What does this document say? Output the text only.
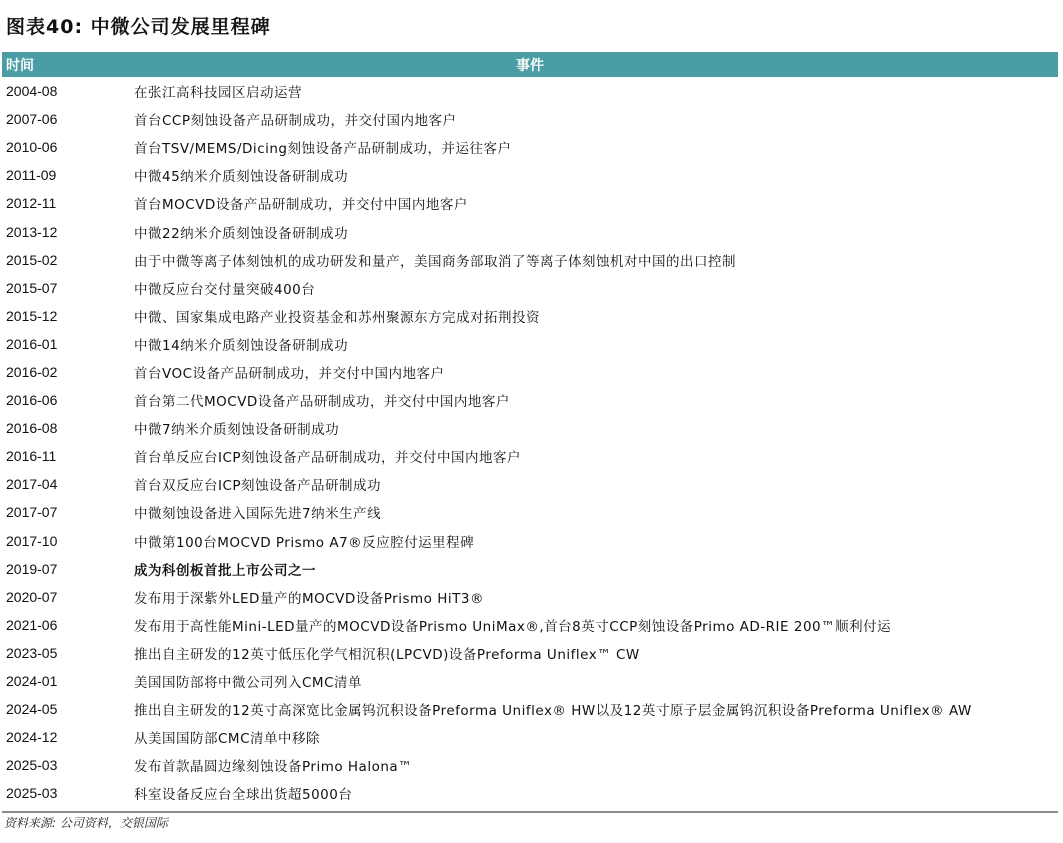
图表40: 中微公司发展里程碑
时间	事件
2004-08	在张江高科技园区启动运营
2007-06	首台CCP刻蚀设备产品研制成功，并交付国内地客户
2010-06	首台TSV/MEMS/Dicing刻蚀设备产品研制成功，并运往客户
2011-09	中微45纳米介质刻蚀设备研制成功
2012-11	首台MOCVD设备产品研制成功，并交付中国内地客户
2013-12	中微22纳米介质刻蚀设备研制成功
2015-02	由于中微等离子体刻蚀机的成功研发和量产，美国商务部取消了等离子体刻蚀机对中国的出口控制
2015-07	中微反应台交付量突破400台
2015-12	中微、国家集成电路产业投资基金和苏州聚源东方完成对拓荆投资
2016-01	中微14纳米介质刻蚀设备研制成功
2016-02	首台VOC设备产品研制成功，并交付中国内地客户
2016-06	首台第二代MOCVD设备产品研制成功，并交付中国内地客户
2016-08	中微7纳米介质刻蚀设备研制成功
2016-11	首台单反应台ICP刻蚀设备产品研制成功，并交付中国内地客户
2017-04	首台双反应台ICP刻蚀设备产品研制成功
2017-07	中微刻蚀设备进入国际先进7纳米生产线
2017-10	中微第100台MOCVD Prismo A7®反应腔付运里程碑
2019-07	成为科创板首批上市公司之一
2020-07	发布用于深紫外LED量产的MOCVD设备Prismo HiT3®
2021-06	发布用于高性能Mini-LED量产的MOCVD设备Prismo UniMax®,首台8英寸CCP刻蚀设备Primo AD-RIE 200™顺利付运
2023-05	推出自主研发的12英寸低压化学气相沉积(LPCVD)设备Preforma Uniflex™ CW
2024-01	美国国防部将中微公司列入CMC清单
2024-05	推出自主研发的12英寸高深宽比金属钨沉积设备Preforma Uniflex® HW以及12英寸原子层金属钨沉积设备Preforma Uniflex® AW
2024-12	从美国国防部CMC清单中移除
2025-03	发布首款晶圆边缘刻蚀设备Primo Halona™
2025-03	科室设备反应台全球出货超5000台
资料来源: 公司资料，交银国际
